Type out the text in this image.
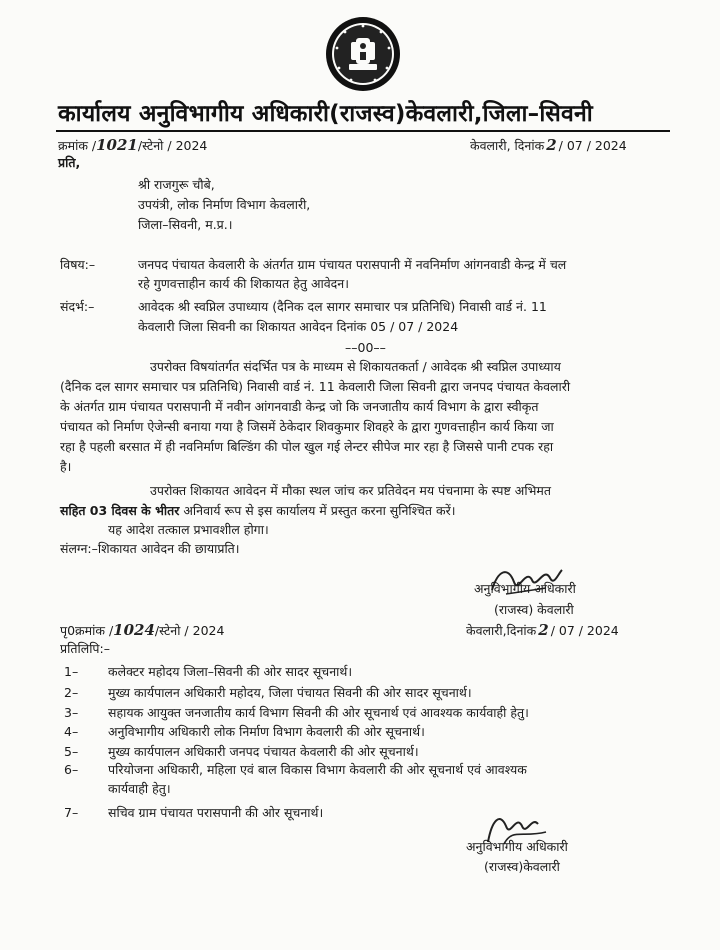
कार्यालय अनुविभागीय अधिकारी(राजस्व)केवलारी,जिला–सिवनी
क्रमांक /1021/स्टेनो / 2024	केवलारी, दिनांक 2 / 07 / 2024
प्रति,
श्री राजगुरू चौबे,
उपयंत्री, लोक निर्माण विभाग केवलारी,
जिला–सिवनी, म.प्र.।
विषय:–	जनपद पंचायत केवलारी के अंतर्गत ग्राम पंचायत परासपानी में नवनिर्माण आंगनवाडी केन्द्र में चल
रहे गुणवत्ताहीन कार्य की शिकायत हेतु आवेदन।
संदर्भ:–	आवेदक श्री स्वप्निल उपाध्याय (दैनिक दल सागर समाचार पत्र प्रतिनिधि) निवासी वार्ड नं. 11
केवलारी जिला सिवनी का शिकायत आवेदन दिनांक 05 / 07 / 2024
––00––
उपरोक्त विषयांतर्गत संदर्भित पत्र के माध्यम से शिकायतकर्ता / आवेदक श्री स्वप्निल उपाध्याय
(दैनिक दल सागर समाचार पत्र प्रतिनिधि) निवासी वार्ड नं. 11 केवलारी जिला सिवनी द्वारा जनपद पंचायत केवलारी
के अंतर्गत ग्राम पंचायत परासपानी में नवीन आंगनवाडी केन्द्र जो कि जनजातीय कार्य विभाग के द्वारा स्वीकृत
पंचायत को निर्माण ऐजेन्सी बनाया गया है जिसमें ठेकेदार शिवकुमार शिवहरे के द्वारा गुणवत्ताहीन कार्य किया जा
रहा है पहली बरसात में ही नवनिर्माण बिल्डिंग की पोल खुल गई लेन्टर सीपेज मार रहा है जिससे पानी टपक रहा
है।
उपरोक्त शिकायत आवेदन में मौका स्थल जांच कर प्रतिवेदन मय पंचनामा के स्पष्ट अभिमत
सहित 03 दिवस के भीतर अनिवार्य रूप से इस कार्यालय में प्रस्तुत करना सुनिश्चित करें।
यह आदेश तत्काल प्रभावशील होगा।
संलग्न:–शिकायत आवेदन की छायाप्रति।
अनुविभागीय अधिकारी
(राजस्व) केवलारी
पृ0क्रमांक /1024/स्टेनो / 2024	केवलारी,दिनांक 2 / 07 / 2024
प्रतिलिपि:–
1– कलेक्टर महोदय जिला–सिवनी की ओर सादर सूचनार्थ।
2– मुख्य कार्यपालन अधिकारी महोदय, जिला पंचायत सिवनी की ओर सादर सूचनार्थ।
3– सहायक आयुक्त जनजातीय कार्य विभाग सिवनी की ओर सूचनार्थ एवं आवश्यक कार्यवाही हेतु।
4– अनुविभागीय अधिकारी लोक निर्माण विभाग केवलारी की ओर सूचनार्थ।
5– मुख्य कार्यपालन अधिकारी जनपद पंचायत केवलारी की ओर सूचनार्थ।
6– परियोजना अधिकारी, महिला एवं बाल विकास विभाग केवलारी की ओर सूचनार्थ एवं आवश्यक
कार्यवाही हेतु।
7– सचिव ग्राम पंचायत परासपानी की ओर सूचनार्थ।
अनुविभागीय अधिकारी
(राजस्व)केवलारी
